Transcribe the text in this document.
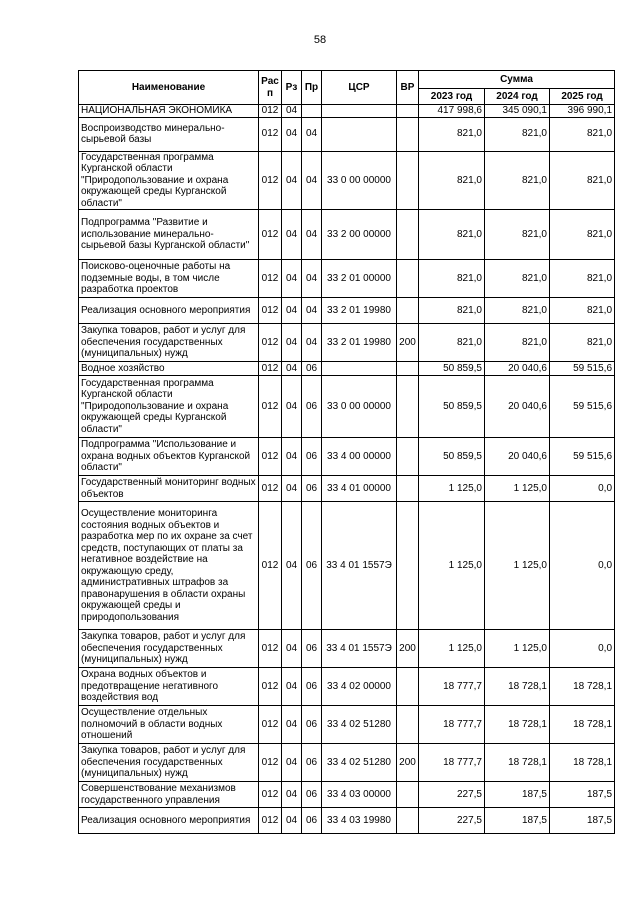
58
Наименование	Рас п	Рз	Пр	ЦСР	ВР	Сумма		
						2023 год	2024 год	2025 год
НАЦИОНАЛЬНАЯ ЭКОНОМИКА	012	04				417 998,6	345 090,1	396 990,1
Воспроизводство минерально-сырьевой базы	012	04	04			821,0	821,0	821,0
Государственная программа Курганской области "Природопользование и охрана окружающей среды Курганской области"	012	04	04	33 0 00 00000		821,0	821,0	821,0
Подпрограмма "Развитие и использование минерально-сырьевой базы Курганской области"	012	04	04	33 2 00 00000		821,0	821,0	821,0
Поисково-оценочные работы на подземные воды, в том числе разработка проектов	012	04	04	33 2 01 00000		821,0	821,0	821,0
Реализация основного мероприятия	012	04	04	33 2 01 19980		821,0	821,0	821,0
Закупка товаров, работ и услуг для обеспечения государственных (муниципальных) нужд	012	04	04	33 2 01 19980	200	821,0	821,0	821,0
Водное хозяйство	012	04	06			50 859,5	20 040,6	59 515,6
Государственная программа Курганской области "Природопользование и охрана окружающей среды Курганской области"	012	04	06	33 0 00 00000		50 859,5	20 040,6	59 515,6
Подпрограмма "Использование и охрана водных объектов Курганской области"	012	04	06	33 4 00 00000		50 859,5	20 040,6	59 515,6
Государственный мониторинг водных объектов	012	04	06	33 4 01 00000		1 125,0	1 125,0	0,0
Осуществление мониторинга состояния водных объектов и разработка мер по их охране за счет средств, поступающих от платы за негативное воздействие на окружающую среду, административных штрафов за правонарушения в области охраны окружающей среды и природопользования	012	04	06	33 4 01 1557Э		1 125,0	1 125,0	0,0
Закупка товаров, работ и услуг для обеспечения государственных (муниципальных) нужд	012	04	06	33 4 01 1557Э	200	1 125,0	1 125,0	0,0
Охрана водных объектов и предотвращение негативного воздействия вод	012	04	06	33 4 02 00000		18 777,7	18 728,1	18 728,1
Осуществление отдельных полномочий в области водных отношений	012	04	06	33 4 02 51280		18 777,7	18 728,1	18 728,1
Закупка товаров, работ и услуг для обеспечения государственных (муниципальных) нужд	012	04	06	33 4 02 51280	200	18 777,7	18 728,1	18 728,1
Совершенствование механизмов государственного управления	012	04	06	33 4 03 00000		227,5	187,5	187,5
Реализация основного мероприятия	012	04	06	33 4 03 19980		227,5	187,5	187,5
